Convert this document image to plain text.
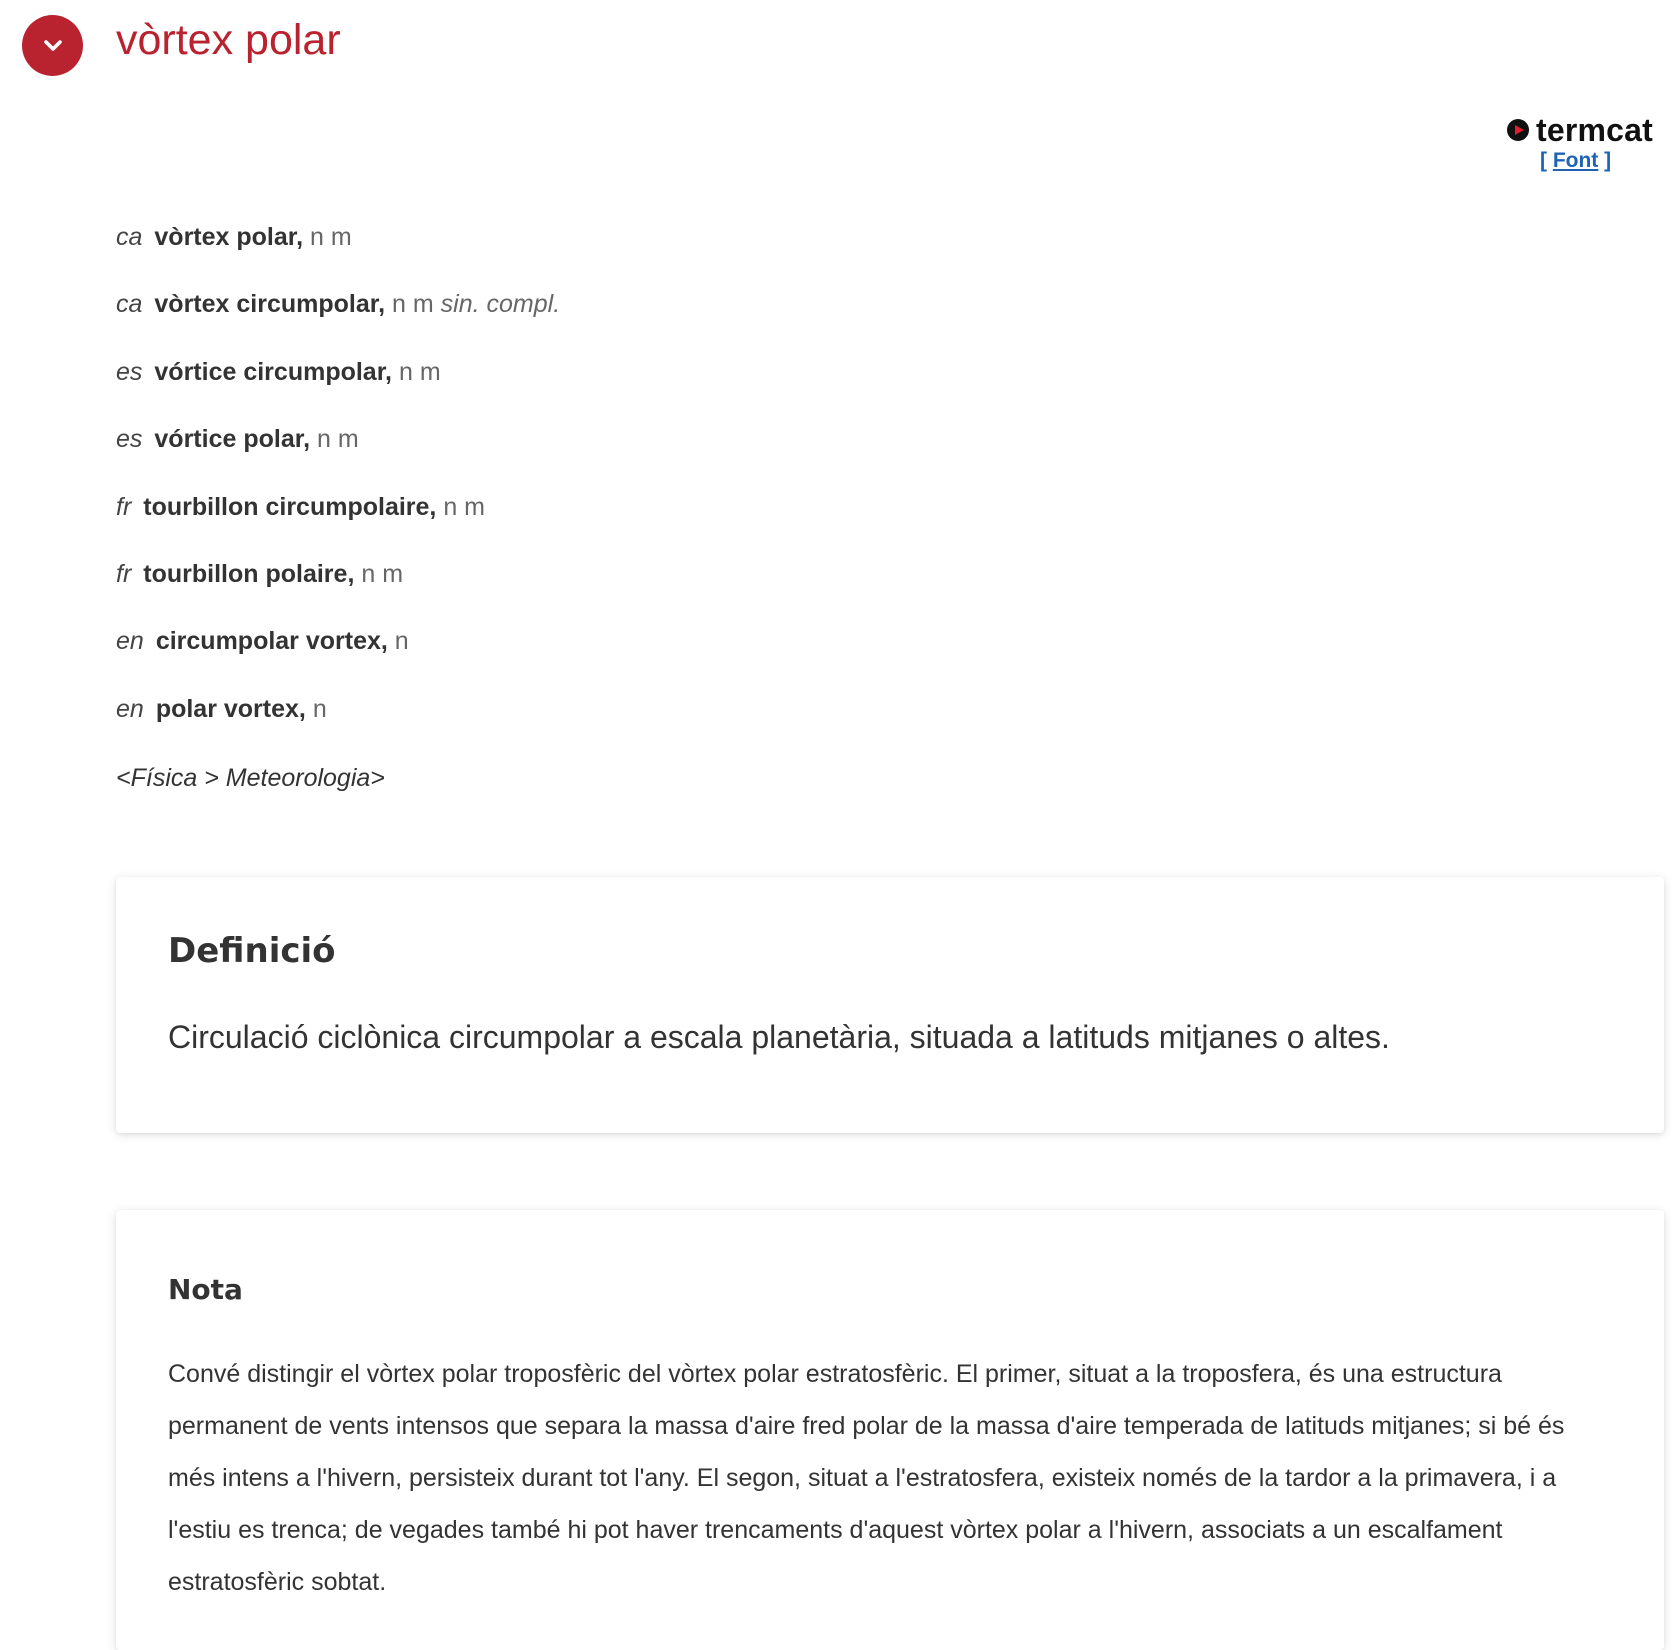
vòrtex polar
termcat
[ Font ]
ca vòrtex polar, n m
ca vòrtex circumpolar, n m sin. compl.
es vórtice circumpolar, n m
es vórtice polar, n m
fr tourbillon circumpolaire, n m
fr tourbillon polaire, n m
en circumpolar vortex, n
en polar vortex, n
<Física > Meteorologia>
Definició

Circulació ciclònica circumpolar a escala planetària, situada a latituds mitjanes o altes.

Nota

Convé distingir el vòrtex polar troposfèric del vòrtex polar estratosfèric. El primer, situat a la troposfera, és una estructura permanent de vents intensos que separa la massa d'aire fred polar de la massa d'aire temperada de latituds mitjanes; si bé és més intens a l'hivern, persisteix durant tot l'any. El segon, situat a l'estratosfera, existeix només de la tardor a la primavera, i a l'estiu es trenca; de vegades també hi pot haver trencaments d'aquest vòrtex polar a l'hivern, associats a un escalfament estratosfèric sobtat.
